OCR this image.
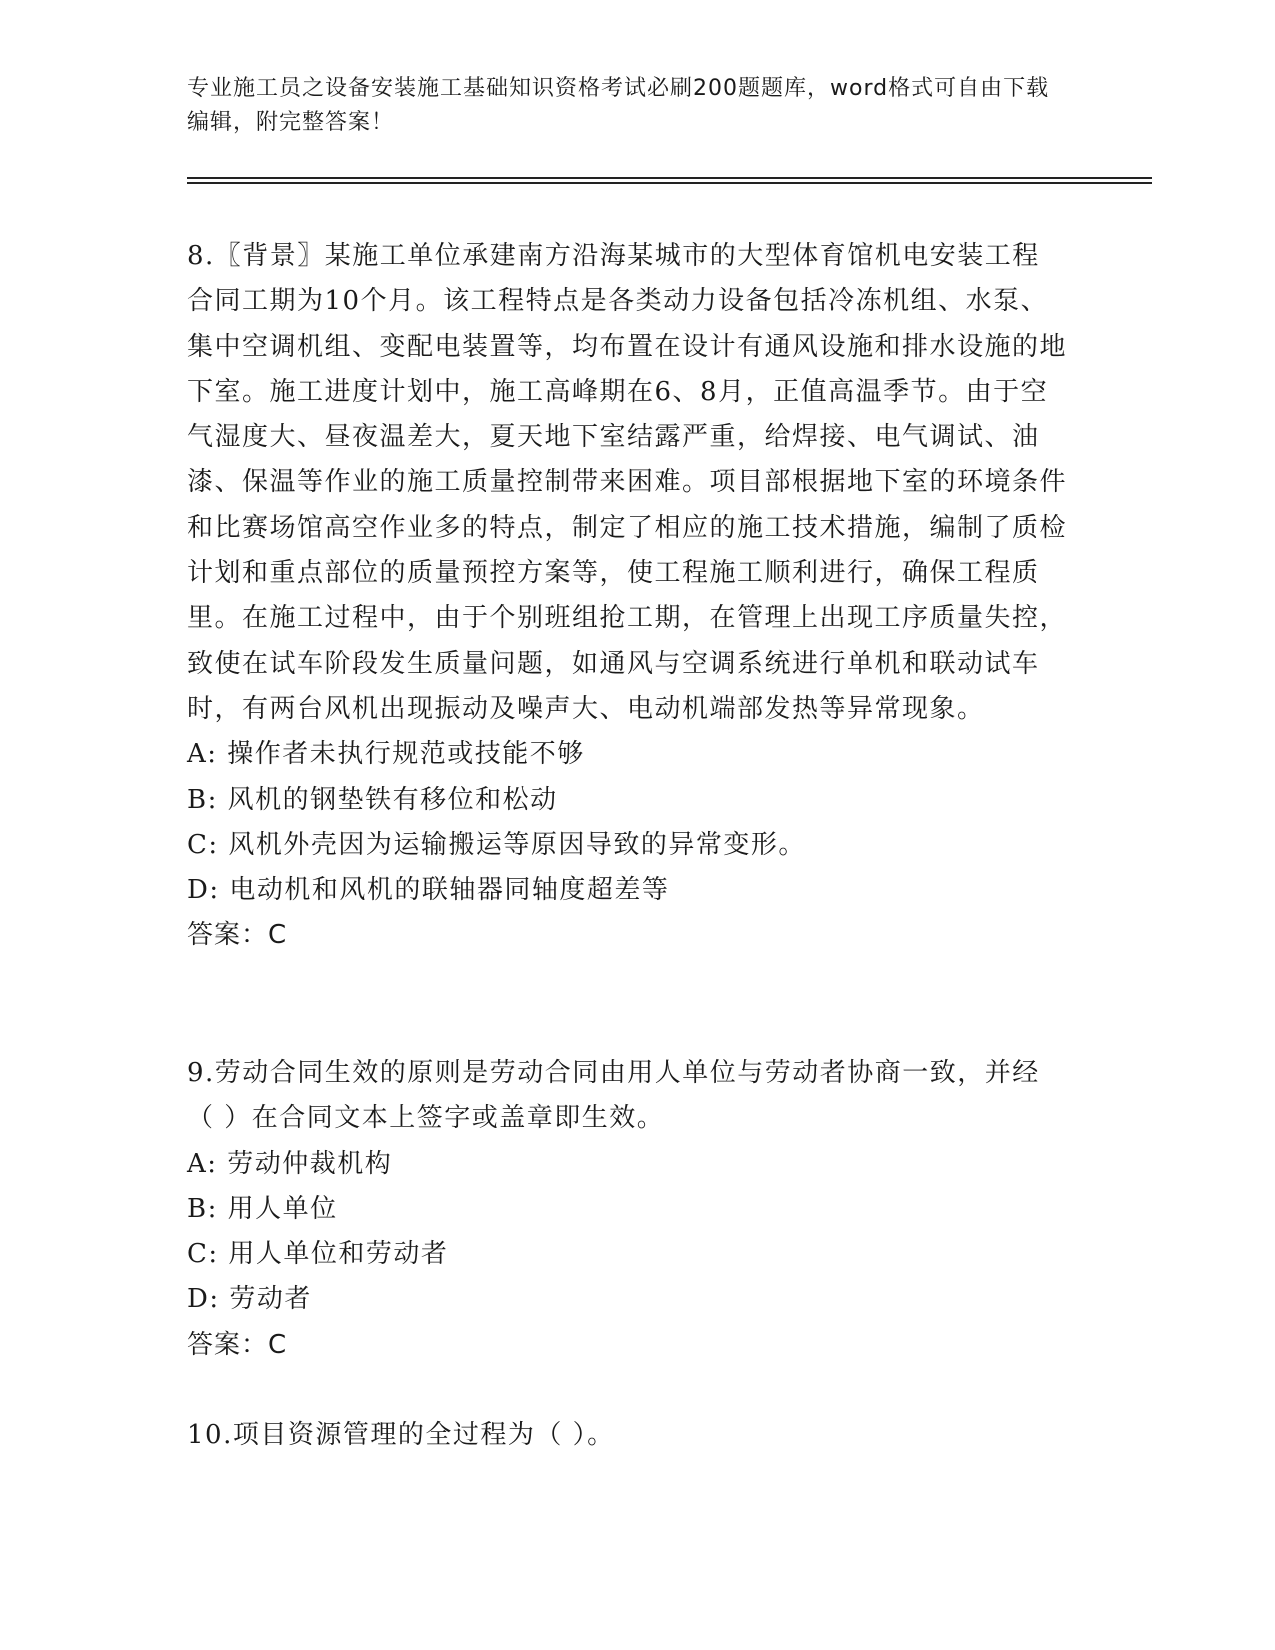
专业施工员之设备安装施工基础知识资格考试必刷200题题库，word格式可自由下载编辑，附完整答案！

8.〖背景〗某施工单位承建南方沿海某城市的大型体育馆机电安装工程合同工期为10个月。该工程特点是各类动力设备包括冷冻机组、水泵、集中空调机组、变配电装置等，均布置在设计有通风设施和排水设施的地下室。施工进度计划中，施工高峰期在6、8月，正值高温季节。由于空气湿度大、昼夜温差大，夏天地下室结露严重，给焊接、电气调试、油漆、保温等作业的施工质量控制带来困难。项目部根据地下室的环境条件和比赛场馆高空作业多的特点，制定了相应的施工技术措施，编制了质检计划和重点部位的质量预控方案等，使工程施工顺利进行，确保工程质里。在施工过程中，由于个别班组抢工期，在管理上出现工序质量失控，致使在试车阶段发生质量问题，如通风与空调系统进行单机和联动试车时，有两台风机出现振动及噪声大、电动机端部发热等异常现象。

A: 操作者未执行规范或技能不够

B: 风机的钢垫铁有移位和松动

C: 风机外壳因为运输搬运等原因导致的异常变形。

D: 电动机和风机的联轴器同轴度超差等

答案：C

9.劳动合同生效的原则是劳动合同由用人单位与劳动者协商一致，并经（ ）在合同文本上签字或盖章即生效。

A: 劳动仲裁机构

B: 用人单位

C: 用人单位和劳动者

D: 劳动者

答案：C

10.项目资源管理的全过程为（ ）。
